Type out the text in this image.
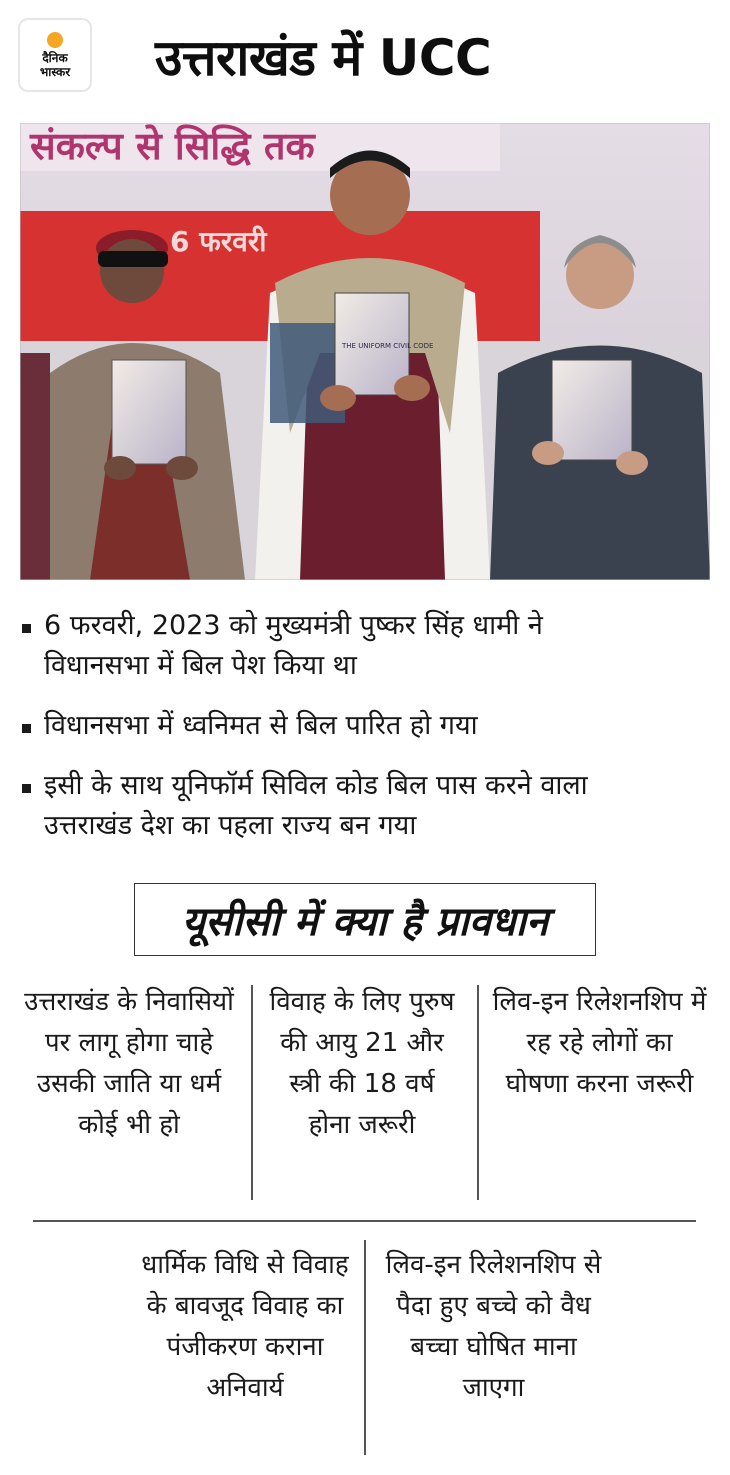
दैनिक
भास्कर उत्तराखंड में UCC
संकल्प से सिद्धि तक
6 फरवरी
THE UNIFORM CIVIL CODE
6 फरवरी, 2023 को मुख्यमंत्री पुष्कर सिंह धामी ने विधानसभा में बिल पेश किया था
विधानसभा में ध्वनिमत से बिल पारित हो गया
इसी के साथ यूनिफॉर्म सिविल कोड बिल पास करने वाला उत्तराखंड देश का पहला राज्य बन गया
यूसीसी में क्या है प्रावधान
उत्तराखंड के निवासियों पर लागू होगा चाहे उसकी जाति या धर्म कोई भी हो
विवाह के लिए पुरुष की आयु 21 और स्त्री की 18 वर्ष होना जरूरी
लिव-इन रिलेशनशिप में रह रहे लोगों का घोषणा करना जरूरी
धार्मिक विधि से विवाह के बावजूद विवाह का पंजीकरण कराना अनिवार्य
लिव-इन रिलेशनशिप से पैदा हुए बच्चे को वैध बच्चा घोषित माना जाएगा
